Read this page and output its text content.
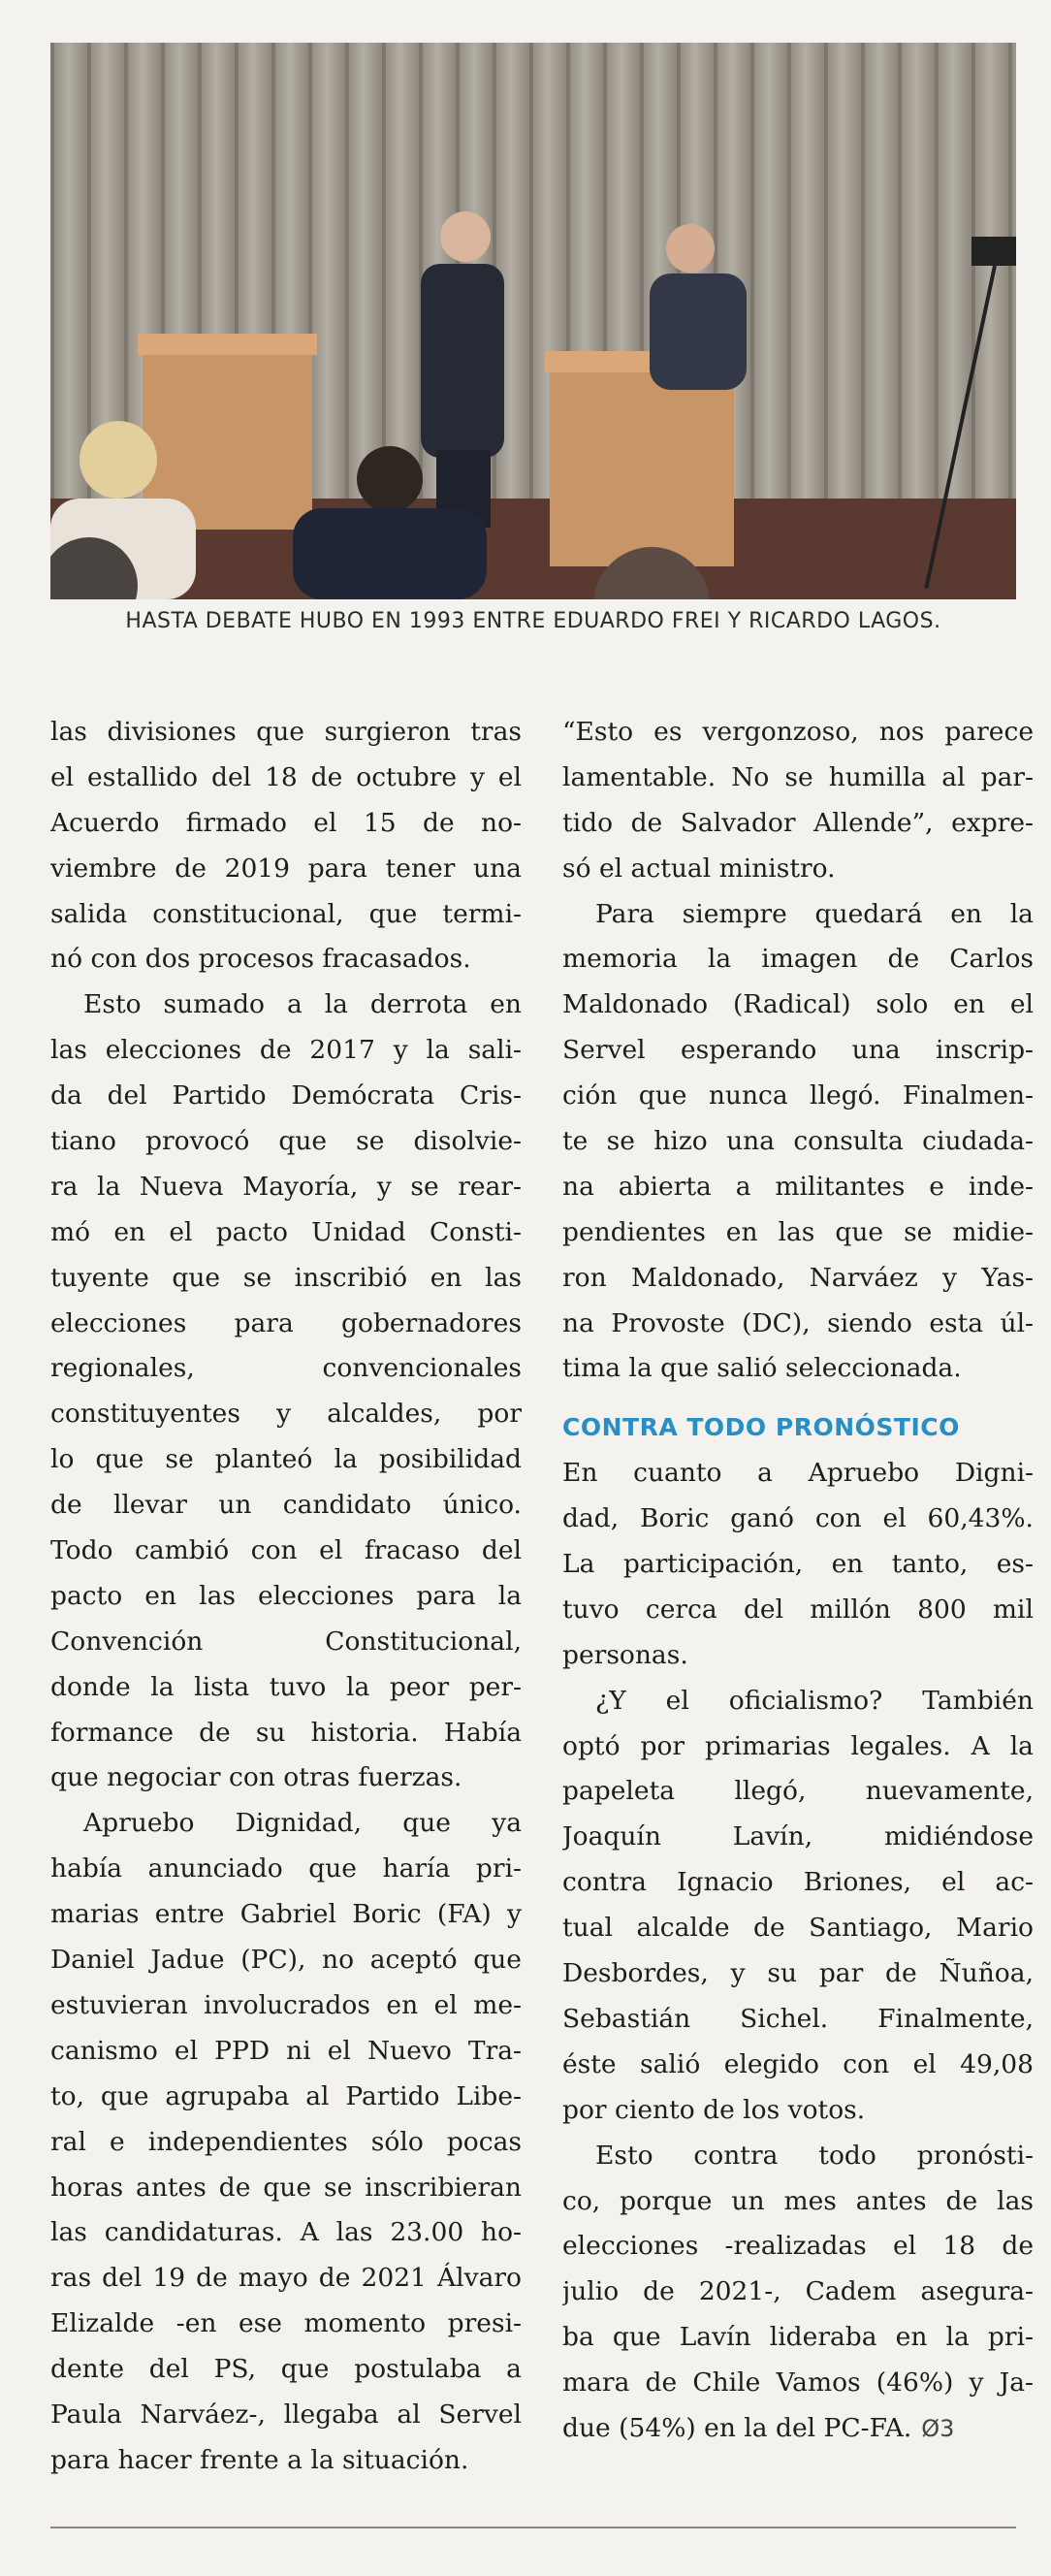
HASTA DEBATE HUBO EN 1993 ENTRE EDUARDO FREI Y RICARDO LAGOS.
las divisiones que surgieron tras
el estallido del 18 de octubre y el
Acuerdo firmado el 15 de no-
viembre de 2019 para tener una
salida constitucional, que termi-
nó con dos procesos fracasados.
Esto sumado a la derrota en
las elecciones de 2017 y la sali-
da del Partido Demócrata Cris-
tiano provocó que se disolvie-
ra la Nueva Mayoría, y se rear-
mó en el pacto Unidad Consti-
tuyente que se inscribió en las
elecciones para gobernadores
regionales, convencionales
constituyentes y alcaldes, por
lo que se planteó la posibilidad
de llevar un candidato único.
Todo cambió con el fracaso del
pacto en las elecciones para la
Convención Constitucional,
donde la lista tuvo la peor per-
formance de su historia. Había
que negociar con otras fuerzas.
Apruebo Dignidad, que ya
había anunciado que haría pri-
marias entre Gabriel Boric (FA) y
Daniel Jadue (PC), no aceptó que
estuvieran involucrados en el me-
canismo el PPD ni el Nuevo Tra-
to, que agrupaba al Partido Libe-
ral e independientes sólo pocas
horas antes de que se inscribieran
las candidaturas. A las 23.00 ho-
ras del 19 de mayo de 2021 Álvaro
Elizalde -en ese momento presi-
dente del PS, que postulaba a
Paula Narváez-, llegaba al Servel
para hacer frente a la situación.
“Esto es vergonzoso, nos parece
lamentable. No se humilla al par-
tido de Salvador Allende”, expre-
só el actual ministro.
Para siempre quedará en la
memoria la imagen de Carlos
Maldonado (Radical) solo en el
Servel esperando una inscrip-
ción que nunca llegó. Finalmen-
te se hizo una consulta ciudada-
na abierta a militantes e inde-
pendientes en las que se midie-
ron Maldonado, Narváez y Yas-
na Provoste (DC), siendo esta úl-
tima la que salió seleccionada.
CONTRA TODO PRONÓSTICO
En cuanto a Apruebo Digni-
dad, Boric ganó con el 60,43%.
La participación, en tanto, es-
tuvo cerca del millón 800 mil
personas.
¿Y el oficialismo? También
optó por primarias legales. A la
papeleta llegó, nuevamente,
Joaquín Lavín, midiéndose
contra Ignacio Briones, el ac-
tual alcalde de Santiago, Mario
Desbordes, y su par de Ñuñoa,
Sebastián Sichel. Finalmente,
éste salió elegido con el 49,08
por ciento de los votos.
Esto contra todo pronósti-
co, porque un mes antes de las
elecciones -realizadas el 18 de
julio de 2021-, Cadem asegura-
ba que Lavín lideraba en la pri-
mara de Chile Vamos (46%) y Ja-
due (54%) en la del PC-FA. Ø3
